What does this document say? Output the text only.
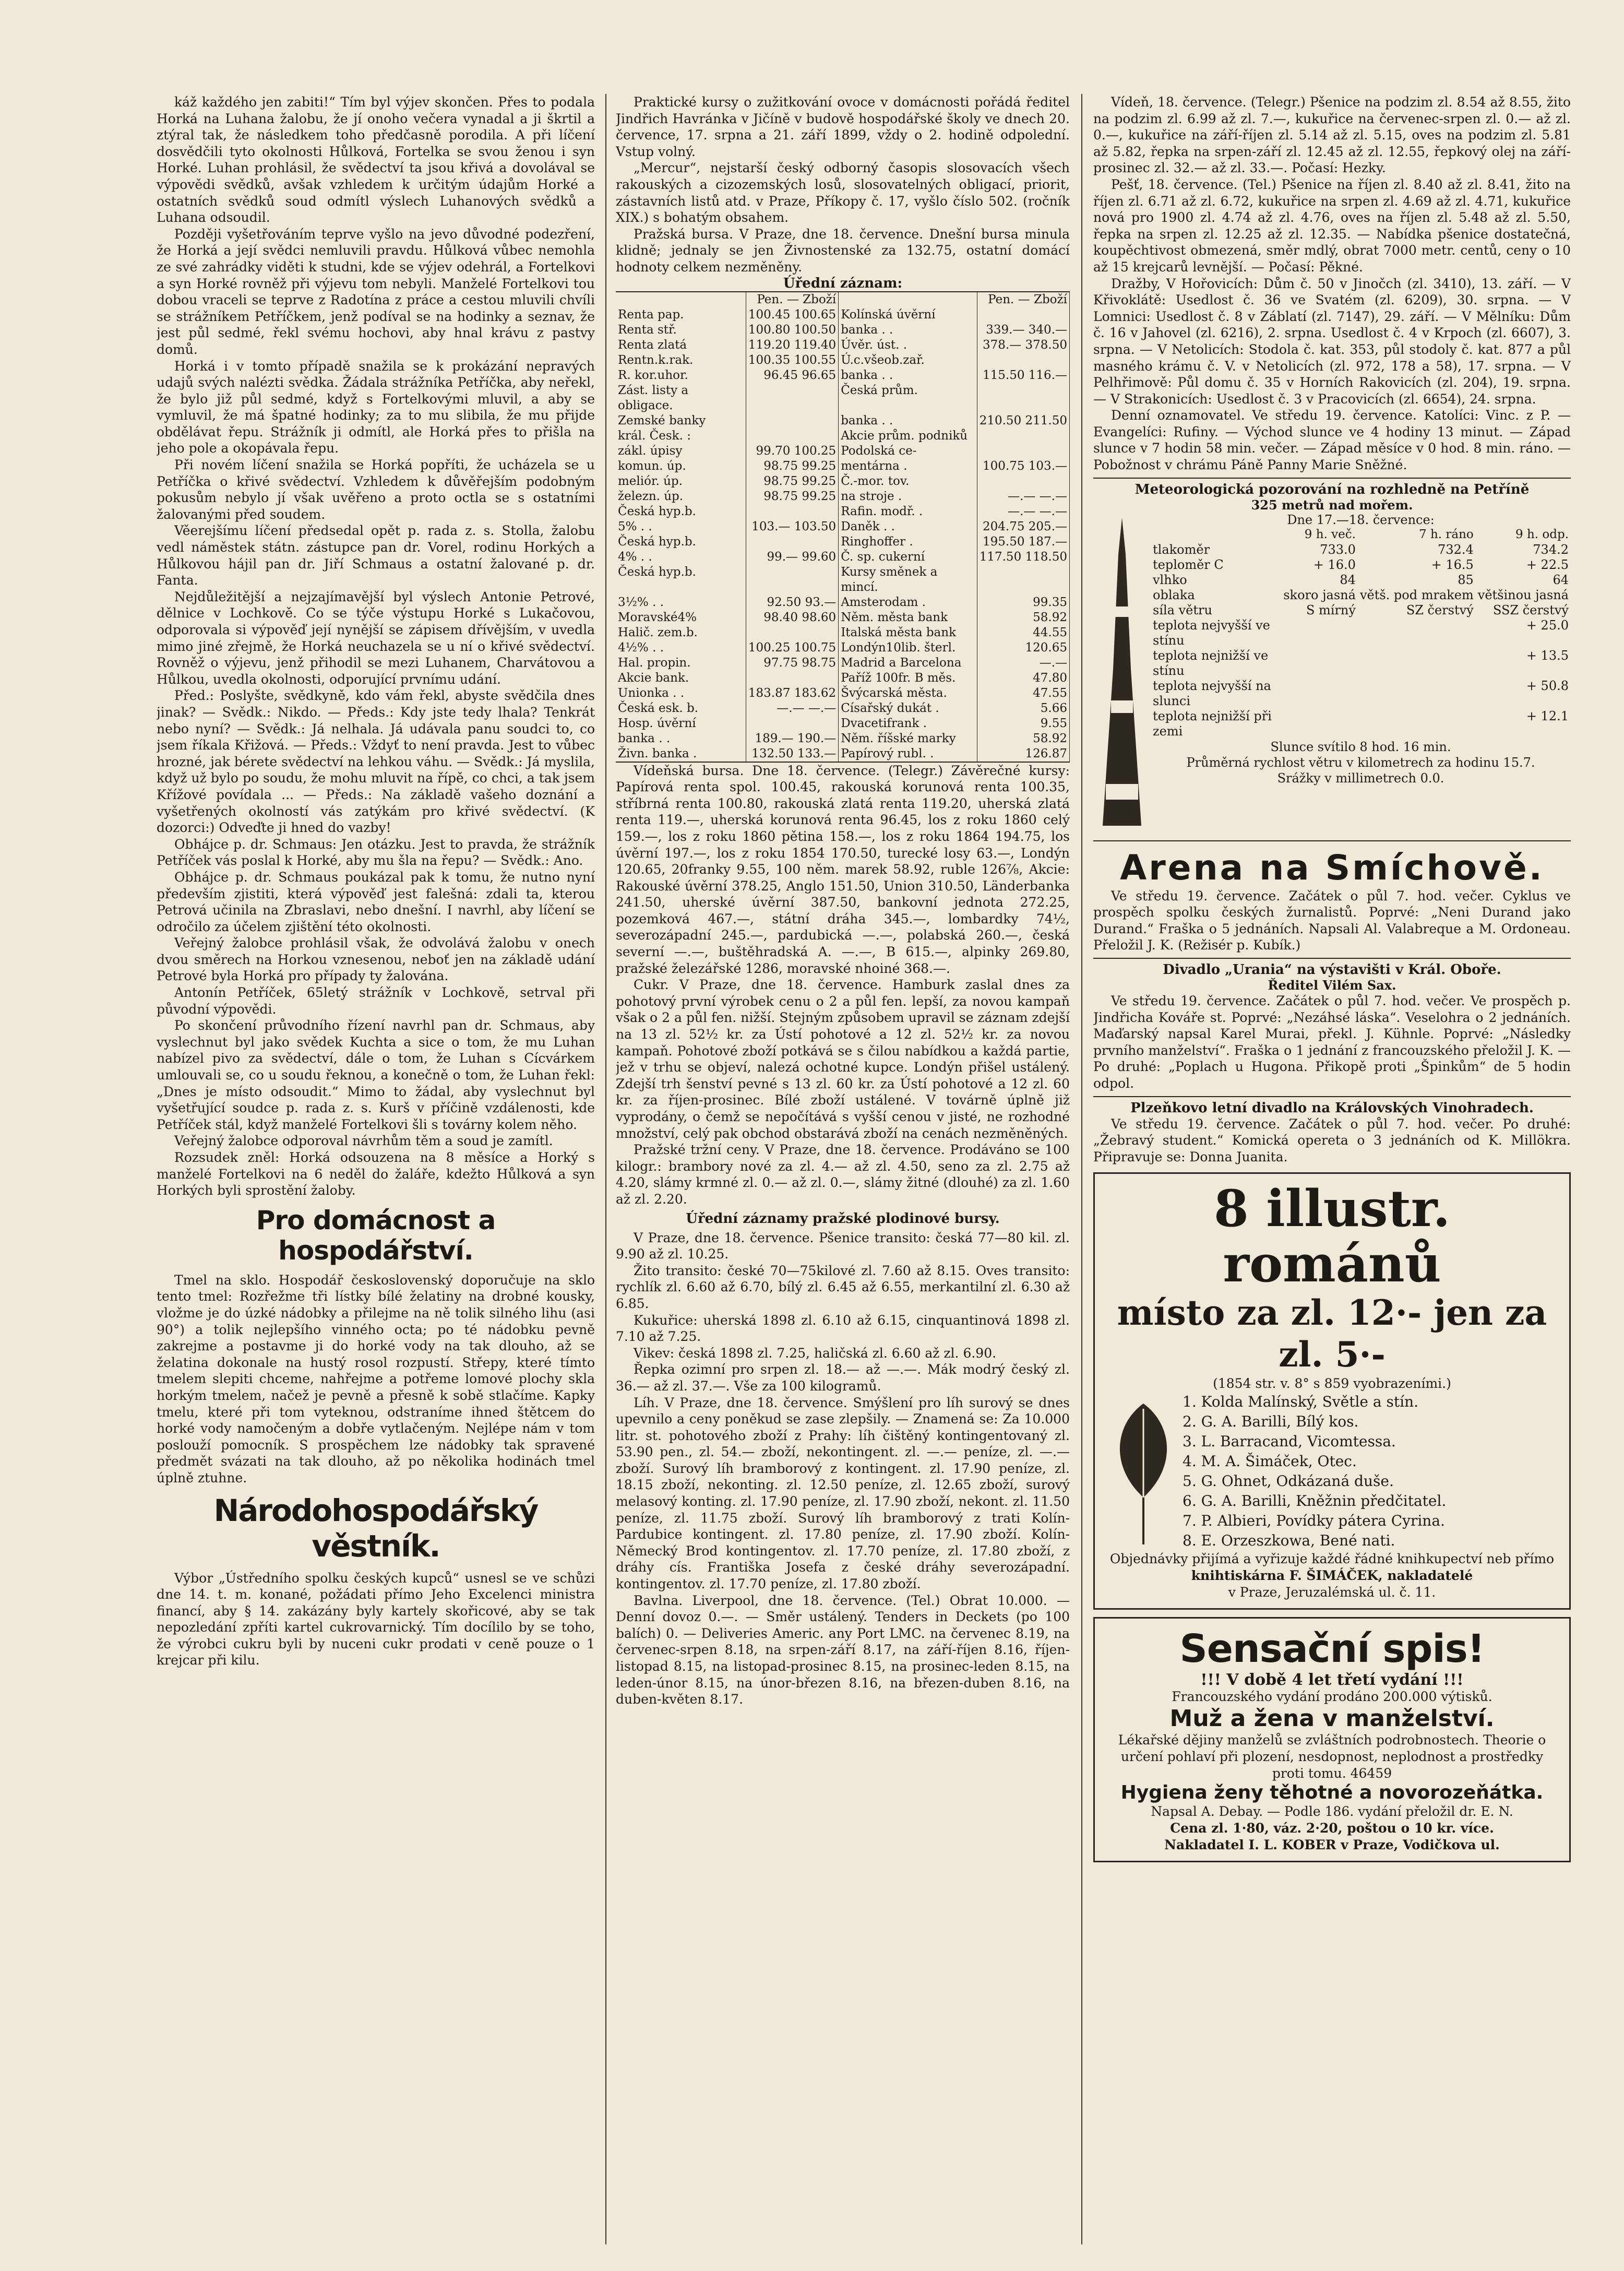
káž každého jen zabiti!“ Tím byl výjev skončen. Přes to podala Horká na Luhana žalobu, že jí onoho večera vynadal a ji škrtil a ztýral tak, že následkem toho předčasně porodila. A při líčení dosvědčili tyto okolnosti Hůlková, Fortelka se svou ženou i syn Horké. Luhan prohlásil, že svědectví ta jsou křivá a dovolával se výpovědi svědků, avšak vzhledem k určitým údajům Horké a ostatních svědků soud odmítl výslech Luhanových svědků a Luhana odsoudil.

Později vyšetřováním teprve vyšlo na jevo důvodné podezření, že Horká a její svědci nemluvili pravdu. Hůlková vůbec nemohla ze své zahrádky viděti k studni, kde se výjev odehrál, a Fortelkovi a syn Horké rovněž při výjevu tom nebyli. Manželé Fortelkovi tou dobou vraceli se teprve z Radotína z práce a cestou mluvili chvíli se strážníkem Petříčkem, jenž podíval se na hodinky a seznav, že jest půl sedmé, řekl svému hochovi, aby hnal krávu z pastvy domů.

Horká i v tomto případě snažila se k prokázání nepravých udajů svých nalézti svědka. Žádala strážníka Petříčka, aby neřekl, že bylo již půl sedmé, když s Fortelkovými mluvil, a aby se vymluvil, že má špatné hodinky; za to mu slibila, že mu přijde obdělávat řepu. Strážník ji odmítl, ale Horká přes to přišla na jeho pole a okopávala řepu.

Při novém líčení snažila se Horká popříti, že ucházela se u Petříčka o křivé svědectví. Vzhledem k důvěřejším podobným pokusům nebylo jí však uvěřeno a proto octla se s ostatními žalovanými před soudem.

Věerejšímu líčení předsedal opět p. rada z. s. Stolla, žalobu vedl náměstek státn. zástupce pan dr. Vorel, rodinu Horkých a Hůlkovou hájil pan dr. Jiří Schmaus a ostatní žalované p. dr. Fanta.

Nejdůležitější a nejzajímavější byl výslech Antonie Petrové, dělnice v Lochkově. Co se týče výstupu Horké s Lukačovou, odporovala si výpověď její nynější se zápisem dřívějším, v uvedla mimo jiné zřejmě, že Horká neuchazela se u ní o křivé svědectví. Rovněž o výjevu, jenž přihodil se mezi Luhanem, Charvátovou a Hůlkou, uvedla okolnosti, odporující prvnímu udání.

Před.: Poslyšte, svědkyně, kdo vám řekl, abyste svědčila dnes jinak? — Svědk.: Nikdo. — Předs.: Kdy jste tedy lhala? Tenkrát nebo nyní? — Svědk.: Já nelhala. Já udávala panu soudci to, co jsem říkala Křižová. — Předs.: Vždyť to není pravda. Jest to vůbec hrozné, jak bérete svědectví na lehkou váhu. — Svědk.: Já myslila, když už bylo po soudu, že mohu mluvit na řípě, co chci, a tak jsem Křížové povídala ... — Předs.: Na základě vašeho doznání a vyšetřených okolností vás zatýkám pro křivé svědectví. (K dozorci:) Odveďte ji hned do vazby!

Obhájce p. dr. Schmaus: Jen otázku. Jest to pravda, že strážník Petříček vás poslal k Horké, aby mu šla na řepu? — Svědk.: Ano.

Obhájce p. dr. Schmaus poukázal pak k tomu, že nutno nyní především zjistiti, která výpověď jest falešná: zdali ta, kterou Petrová učinila na Zbraslavi, nebo dnešní. I navrhl, aby líčení se odročilo za účelem zjištění této okolnosti.

Veřejný žalobce prohlásil však, že odvolává žalobu v onech dvou směrech na Horkou vznesenou, neboť jen na základě udání Petrové byla Horká pro případy ty žalována.

Antonín Petříček, 65letý strážník v Lochkově, setrval při původní výpovědi.

Po skončení průvodního řízení navrhl pan dr. Schmaus, aby vyslechnut byl jako svědek Kuchta a sice o tom, že mu Luhan nabízel pivo za svědectví, dále o tom, že Luhan s Cícvárkem umlouvali se, co u soudu řeknou, a konečně o tom, že Luhan řekl: „Dnes je místo odsoudit.“ Mimo to žádal, aby vyslechnut byl vyšetřující soudce p. rada z. s. Kurš v příčině vzdálenosti, kde Petříček stál, když manželé Fortelkovi šli s továrny kolem něho.

Veřejný žalobce odporoval návrhům těm a soud je zamítl.

Rozsudek zněl: Horká odsouzena na 8 měsíce a Horký s manželé Fortelkovi na 6 neděl do žaláře, kdežto Hůlková a syn Horkých byli sprostění žaloby.

Pro domácnost a hospodářství.

Tmel na sklo. Hospodář československý doporučuje na sklo tento tmel: Rozřežme tři lístky bílé želatiny na drobné kousky, vložme je do úzké nádobky a přilejme na ně tolik silného lihu (asi 90°) a tolik nejlepšího vinného octa; po té nádobku pevně zakrejme a postavme ji do horké vody na tak dlouho, až se želatina dokonale na hustý rosol rozpustí. Střepy, které tímto tmelem slepiti chceme, nahřejme a potřeme lomové plochy skla horkým tmelem, načež je pevně a přesně k sobě stlačíme. Kapky tmelu, které při tom vyteknou, odstraníme ihned štětcem do horké vody namočeným a dobře vytlačeným. Nejlépe nám v tom poslouží pomocník. S prospěchem lze nádobky tak spravené předmět svázati na tak dlouho, až po několika hodinách tmel úplně ztuhne.

Národohospodářský věstník.

Výbor „Ústředního spolku českých kupců“ usnesl se ve schůzi dne 14. t. m. konané, požádati přímo Jeho Excelenci ministra financí, aby § 14. zakázány byly kartely skořicové, aby se tak nepozledání zpříti kartel cukrovarnický. Tím docílilo by se toho, že výrobci cukru byli by nuceni cukr prodati v ceně pouze o 1 krejcar při kilu.

Praktické kursy o zužitkování ovoce v domácnosti pořádá ředitel Jindřich Havránka v Jičíně v budově hospodářské školy ve dnech 20. července, 17. srpna a 21. září 1899, vždy o 2. hodině odpolední. Vstup volný.

„Mercur“, nejstarší český odborný časopis slosovacích všech rakouských a cizozemských losů, slosovatelných obligací, priorit, zástavních listů atd. v Praze, Příkopy č. 17, vyšlo číslo 502. (ročník XIX.) s bohatým obsahem.

Pražská bursa. V Praze, dne 18. července. Dnešní bursa minula klidně; jednaly se jen Živnostenské za 132.75, ostatní domácí hodnoty celkem nezměněny.

Úřední záznam:
	Pen. — Zboží		Pen. — Zboží
Renta pap.	100.45 100.65	Kolínská úvěrní	
Renta stř.	100.80 100.50	banka . .	339.— 340.—
Renta zlatá	119.20 119.40	Úvěr. úst. .	378.— 378.50
Rentn.k.rak.	100.35 100.55	Ú.c.všeob.zař.	
R. kor.uhor.	96.45 96.65	banka . .	115.50 116.—
Zást. listy a obligace.		Česká prům.	
Zemské banky		banka . .	210.50 211.50
král. Česk. :		Akcie prům. podniků	
zákl. úpisy	99.70 100.25	Podolská ce-	
komun. úp.	98.75 99.25	mentárna .	100.75 103.—
meliór. úp.	98.75 99.25	Č.-mor. tov.	
železn. úp.	98.75 99.25	na stroje .	—.— —.—
Česká hyp.b.		Rafin. modř. .	—.— —.—
5% . .	103.— 103.50	Daněk . .	204.75 205.—
Česká hyp.b.		Ringhoffer .	195.50 187.—
4% . .	99.— 99.60	Č. sp. cukerní	117.50 118.50
Česká hyp.b.		Kursy směnek a mincí.	
3½% . .	92.50 93.—	Amsterodam .	99.35
Moravské4%	98.40 98.60	Něm. města bank	58.92
Halič. zem.b.		Italská města bank	44.55
4½% . .	100.25 100.75	Londýn10lib. šterl.	120.65
Hal. propin.	97.75 98.75	Madrid a Barcelona	—.—
Akcie bank.		Paříž 100fr. B měs.	47.80
Unionka . .	183.87 183.62	Švýcarská města.	47.55
Česká esk. b.	—.— —.—	Císařský dukát .	5.66
Hosp. úvěrní		Dvacetifrank .	9.55
banka . .	189.— 190.—	Něm. říšské marky	58.92
Živn. banka .	132.50 133.—	Papírový rubl. .	126.87

Vídeňská bursa. Dne 18. července. (Telegr.) Závěrečné kursy: Papírová renta spol. 100.45, rakouská korunová renta 100.35, stříbrná renta 100.80, rakouská zlatá renta 119.20, uherská zlatá renta 119.—, uherská korunová renta 96.45, los z roku 1860 celý 159.—, los z roku 1860 pětina 158.—, los z roku 1864 194.75, los úvěrní 197.—, los z roku 1854 170.50, turecké losy 63.—, Londýn 120.65, 20franky 9.55, 100 něm. marek 58.92, ruble 126⅞, Akcie: Rakouské úvěrní 378.25, Anglo 151.50, Union 310.50, Länderbanka 241.50, uherské úvěrní 387.50, bankovní jednota 272.25, pozemková 467.—, státní dráha 345.—, lombardky 74½, severozápadní 245.—, pardubická —.—, polabská 260.—, česká severní —.—, buštěhradská A. —.—, B 615.—, alpinky 269.80, pražské železářské 1286, moravské nhoiné 368.—.

Cukr. V Praze, dne 18. července. Hamburk zaslal dnes za pohotový první výrobek cenu o 2 a půl fen. lepší, za novou kampaň však o 2 a půl fen. nižší. Stejným způsobem upravil se záznam zdejší na 13 zl. 52½ kr. za Ústí pohotové a 12 zl. 52½ kr. za novou kampaň. Pohotové zboží potkává se s čilou nabídkou a každá partie, jež v trhu se objeví, nalezá ochotné kupce. Londýn přišel ustálený. Zdejší trh šenství pevné s 13 zl. 60 kr. za Ústí pohotové a 12 zl. 60 kr. za říjen-prosinec. Bílé zboží ustálené. V továrně úplně již vyprodány, o čemž se nepočítává s vyšší cenou v jisté, ne rozhodné množství, celý pak obchod obstarává zboží na cenách nezměněných.

Pražské tržní ceny. V Praze, dne 18. července. Prodáváno se 100 kilogr.: brambory nové za zl. 4.— až zl. 4.50, seno za zl. 2.75 až 4.20, slámy krmné zl. 0.— až zl. 0.—, slámy žitné (dlouhé) za zl. 1.60 až zl. 2.20.

Úřední záznamy pražské plodinové bursy.

V Praze, dne 18. července. Pšenice transito: česká 77—80 kil. zl. 9.90 až zl. 10.25.

Žito transito: české 70—75kilové zl. 7.60 až 8.15. Oves transito: rychlík zl. 6.60 až 6.70, bílý zl. 6.45 až 6.55, merkantilní zl. 6.30 až 6.85.

Kukuřice: uherská 1898 zl. 6.10 až 6.15, cinquantinová 1898 zl. 7.10 až 7.25.

Vikev: česká 1898 zl. 7.25, haličská zl. 6.60 až zl. 6.90.

Řepka ozimní pro srpen zl. 18.— až —.—. Mák modrý český zl. 36.— až zl. 37.—. Vše za 100 kilogramů.

Líh. V Praze, dne 18. července. Smýšlení pro líh surový se dnes upevnilo a ceny poněkud se zase zlepšily. — Znamená se: Za 10.000 litr. st. pohotového zboží z Prahy: líh čištěný kontingentovaný zl. 53.90 pen., zl. 54.— zboží, nekontingent. zl. —.— peníze, zl. —.— zboží. Surový líh bramborový z kontingent. zl. 17.90 peníze, zl. 18.15 zboží, nekonting. zl. 12.50 peníze, zl. 12.65 zboží, surový melasový konting. zl. 17.90 peníze, zl. 17.90 zboží, nekont. zl. 11.50 peníze, zl. 11.75 zboží. Surový líh bramborový z trati Kolín-Pardubice kontingent. zl. 17.80 peníze, zl. 17.90 zboží. Kolín-Německý Brod kontingentov. zl. 17.70 peníze, zl. 17.80 zboží, z dráhy cís. Františka Josefa z české dráhy severozápadní. kontingentov. zl. 17.70 peníze, zl. 17.80 zboží.

Bavlna. Liverpool, dne 18. července. (Tel.) Obrat 10.000. — Denní dovoz 0.—. — Směr ustálený. Tenders in Deckets (po 100 balích) 0. — Deliveries Americ. any Port LMC. na červenec 8.19, na červenec-srpen 8.18, na srpen-září 8.17, na září-říjen 8.16, říjen-listopad 8.15, na listopad-prosinec 8.15, na prosinec-leden 8.15, na leden-únor 8.15, na únor-březen 8.16, na březen-duben 8.16, na duben-květen 8.17.

Vídeň, 18. července. (Telegr.) Pšenice na podzim zl. 8.54 až 8.55, žito na podzim zl. 6.99 až zl. 7.—, kukuřice na červenec-srpen zl. 0.— až zl. 0.—, kukuřice na září-říjen zl. 5.14 až zl. 5.15, oves na podzim zl. 5.81 až 5.82, řepka na srpen-září zl. 12.45 až zl. 12.55, řepkový olej na září-prosinec zl. 32.— až zl. 33.—. Počasí: Hezky.

Pešť, 18. července. (Tel.) Pšenice na říjen zl. 8.40 až zl. 8.41, žito na říjen zl. 6.71 až zl. 6.72, kukuřice na srpen zl. 4.69 až zl. 4.71, kukuřice nová pro 1900 zl. 4.74 až zl. 4.76, oves na říjen zl. 5.48 až zl. 5.50, řepka na srpen zl. 12.25 až zl. 12.35. — Nabídka pšenice dostatečná, koupěchtivost obmezená, směr mdlý, obrat 7000 metr. centů, ceny o 10 až 15 krejcarů levnější. — Počasí: Pěkné.

Dražby, V Hořovicích: Dům č. 50 v Jinočch (zl. 3410), 13. září. — V Křivoklátě: Usedlost č. 36 ve Svatém (zl. 6209), 30. srpna. — V Lomnici: Usedlost č. 8 v Záblatí (zl. 7147), 29. září. — V Mělníku: Dům č. 16 v Jahovel (zl. 6216), 2. srpna. Usedlost č. 4 v Krpoch (zl. 6607), 3. srpna. — V Netolicích: Stodola č. kat. 353, půl stodoly č. kat. 877 a půl masného krámu č. V. v Netolicích (zl. 972, 178 a 58), 17. srpna. — V Pelhřimově: Půl domu č. 35 v Horních Rakovicích (zl. 204), 19. srpna. — V Strakonicích: Usedlost č. 3 v Pracovicích (zl. 6654), 24. srpna.

Denní oznamovatel. Ve středu 19. července. Katolíci: Vinc. z P. — Evangelíci: Rufiny. — Východ slunce ve 4 hodiny 13 minut. — Západ slunce v 7 hodin 58 min. večer. — Západ měsíce v 0 hod. 8 min. ráno. — Pobožnost v chrámu Páně Panny Marie Sněžné.

Meteorologická pozorování na rozhledně na Petříně
325 metrů nad mořem.
Dne 17.—18. července:
	9 h. več.	7 h. ráno	9 h. odp.
tlakoměr	733.0	732.4	734.2
teploměr C	+ 16.0	+ 16.5	+ 22.5
vlhko	84	85	64
oblaka	skoro jasná	větš. pod mrakem	většinou jasná
síla větru	S mírný	SZ čerstvý	SSZ čerstvý
teplota nejvyšší ve stínu			+ 25.0
teplota nejnižší ve stínu			+ 13.5
teplota nejvyšší na slunci			+ 50.8
teplota nejnižší při zemi			+ 12.1
Slunce svítilo 8 hod. 16 min.
Průměrná rychlost větru v kilometrech za hodinu 15.7.
Srážky v millimetrech 0.0.
Arena na Smíchově.

Ve středu 19. července. Začátek o půl 7. hod. večer. Cyklus ve prospěch spolku českých žurnalistů. Poprvé: „Neni Durand jako Durand.“ Fraška o 5 jednáních. Napsali Al. Valabreque a M. Ordoneau. Přeložil J. K. (Režisér p. Kubík.)

Divadlo „Urania“ na výstavišti v Král. Oboře.
Ředitel Vilém Sax.

Ve středu 19. července. Začátek o půl 7. hod. večer. Ve prospěch p. Jindřicha Kováře st. Poprvé: „Nezáhsé láska“. Veselohra o 2 jednáních. Maďarský napsal Karel Murai, překl. J. Kühnle. Poprvé: „Následky prvního manželství“. Fraška o 1 jednání z francouzského přeložil J. K. — Po druhé: „Poplach u Hugona. Přikopě proti „Špinkům“ de 5 hodin odpol.

Plzeňkovo letní divadlo na Královských Vinohradech.

Ve středu 19. července. Začátek o půl 7. hod. večer. Po druhé: „Žebravý student.“ Komická opereta o 3 jednáních od K. Millökra. Připravuje se: Donna Juanita.

8 illustr. románů
místo za zl. 12·- jen za zl. 5·-
(1854 str. v. 8° s 859 vyobrazeními.)
1. Kolda Malínský, Světle a stín.
2. G. A. Barilli, Bílý kos.
3. L. Barracand, Vicomtessa.
4. M. A. Šimáček, Otec.
5. G. Ohnet, Odkázaná duše.
6. G. A. Barilli, Kněžnin předčitatel.
7. P. Albieri, Povídky pátera Cyrina.
8. E. Orzeszkowa, Bené nati.
Objednávky přijímá a vyřizuje každé řádné knihkupectví neb přímo
knihtiskárna F. ŠIMÁČEK, nakladatelé
v Praze, Jeruzalémská ul. č. 11.
Sensační spis!
!!! V době 4 let třetí vydání !!!
Francouzského vydání prodáno 200.000 výtisků.
Muž a žena v manželství.
Lékařské dějiny manželů se zvláštních podrobnostech. Theorie o určení pohlaví při plození, nesdopnost, neplodnost a prostředky proti tomu. 46459
Hygiena ženy těhotné a novorozeňátka.
Napsal A. Debay. — Podle 186. vydání přeložil dr. E. N.
Cena zl. 1·80, váz. 2·20, poštou o 10 kr. více.
Nakladatel I. L. KOBER v Praze, Vodičkova ul.
